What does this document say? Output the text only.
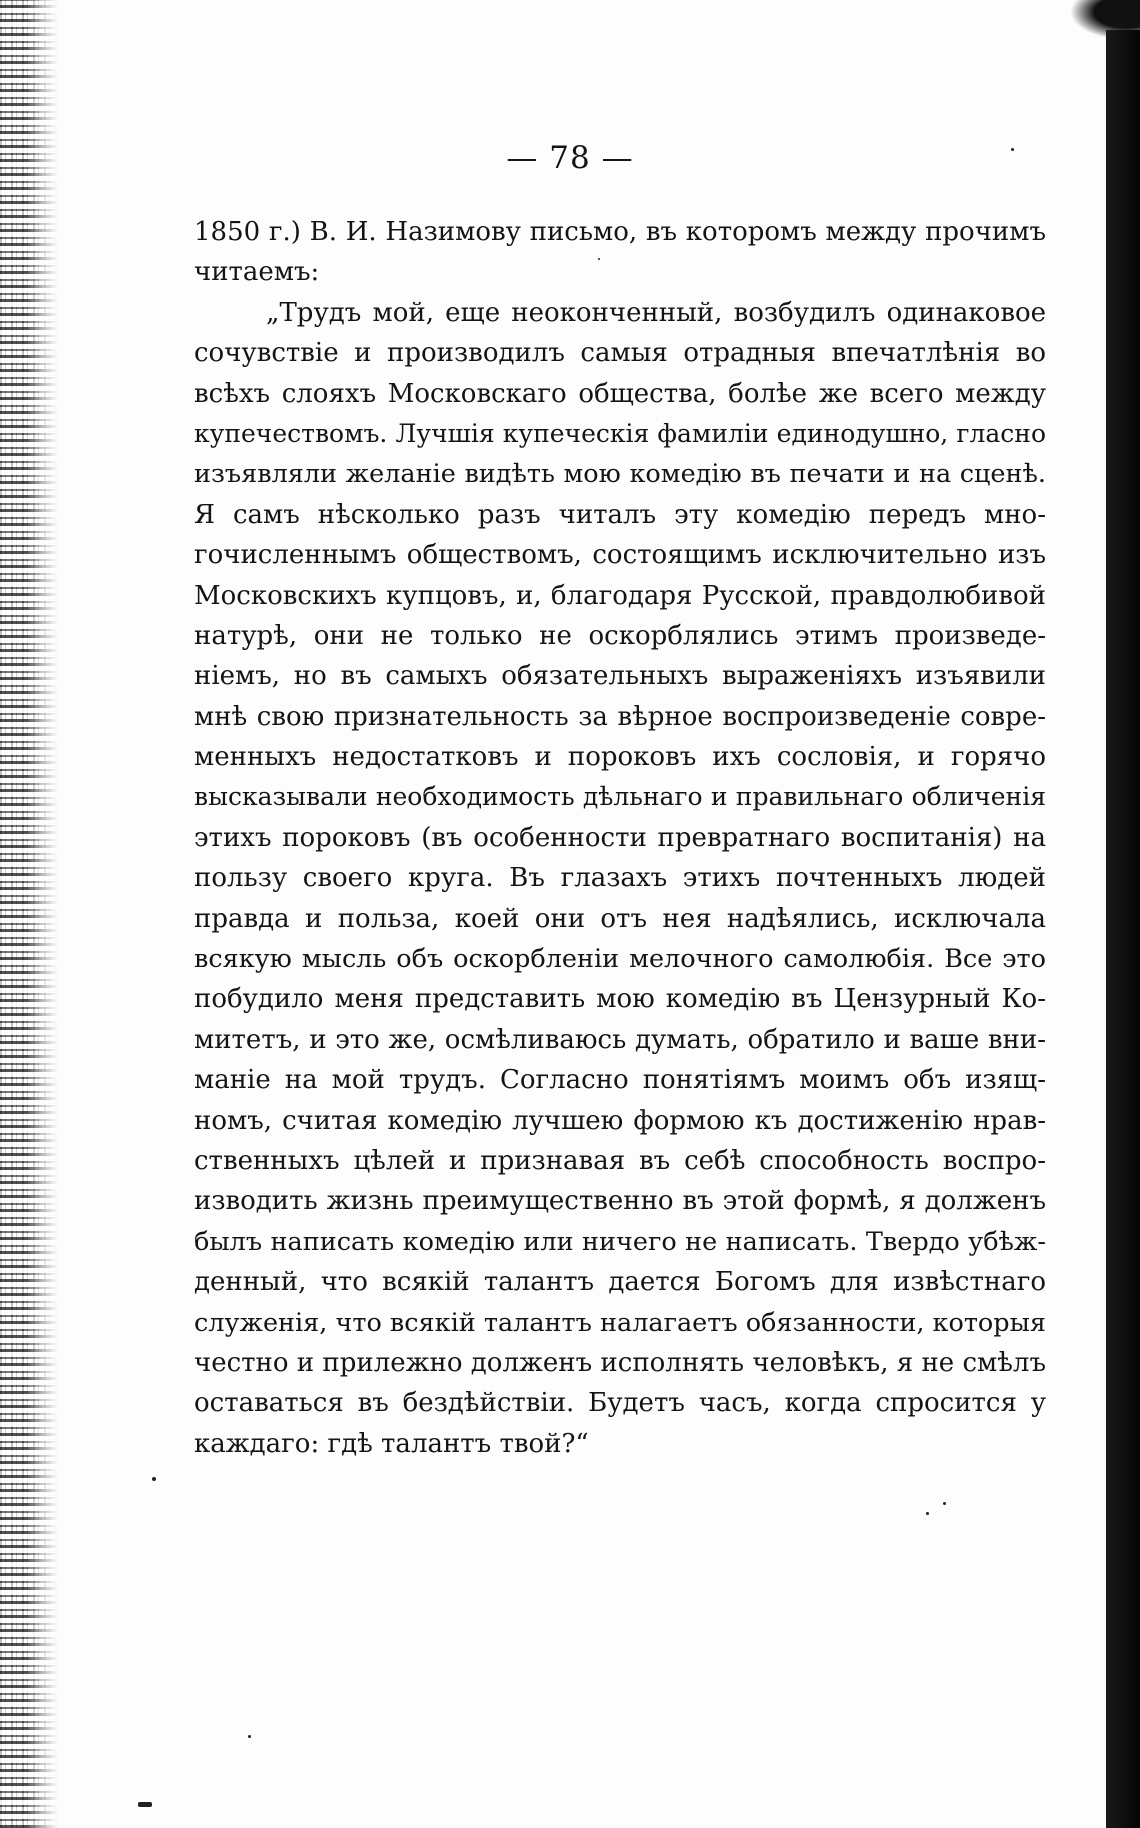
— 78 —
1850 г.) В. И. Назимову письмо, въ которомъ между прочимъ
читаемъ:
„Трудъ мой, еще неоконченный, возбудилъ одинаковое
сочувствіе и производилъ самыя отрадныя впечатлѣнія во
всѣхъ слояхъ Московскаго общества, болѣе же всего между
купечествомъ. Лучшія купеческія фамиліи единодушно, гласно
изъявляли желаніе видѣть мою комедію въ печати и на сценѣ.
Я самъ нѣсколько разъ читалъ эту комедію передъ мно-
гочисленнымъ обществомъ, состоящимъ исключительно изъ
Московскихъ купцовъ, и, благодаря Русской, правдолюбивой
натурѣ, они не только не оскорблялись этимъ произведе-
ніемъ, но въ самыхъ обязательныхъ выраженіяхъ изъявили
мнѣ свою признательность за вѣрное воспроизведеніе совре-
менныхъ недостатковъ и пороковъ ихъ сословія, и горячо
высказывали необходимость дѣльнаго и правильнаго обличенія
этихъ пороковъ (въ особенности превратнаго воспитанія) на
пользу своего круга. Въ глазахъ этихъ почтенныхъ людей
правда и польза, коей они отъ нея надѣялись, исключала
всякую мысль объ оскорбленіи мелочного самолюбія. Все это
побудило меня представить мою комедію въ Цензурный Ко-
митетъ, и это же, осмѣливаюсь думать, обратило и ваше вни-
маніе на мой трудъ. Согласно понятіямъ моимъ объ изящ-
номъ, считая комедію лучшею формою къ достиженію нрав-
ственныхъ цѣлей и признавая въ себѣ способность воспро-
изводить жизнь преимущественно въ этой формѣ, я долженъ
былъ написать комедію или ничего не написать. Твердо убѣж-
денный, что всякій талантъ дается Богомъ для извѣстнаго
служенія, что всякій талантъ налагаетъ обязанности, которыя
честно и прилежно долженъ исполнять человѣкъ, я не смѣлъ
оставаться въ бездѣйствіи. Будетъ часъ, когда спросится у
каждаго: гдѣ талантъ твой?“
